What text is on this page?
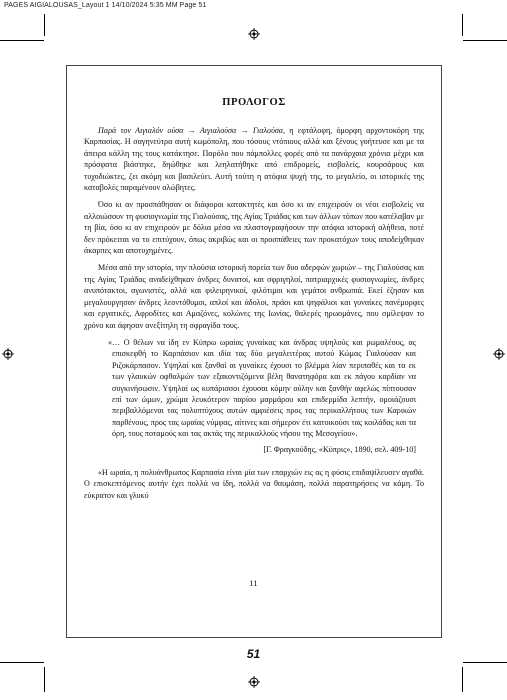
PAGES AIGIALOUSAS_Layout 1 14/10/2024 5:35 MM Page 51
ΠΡΟΛΟΓΟΣ

Παρά τον Αιγιαλόν ούσα → Αιγιαλούσα → Γιαλούσα, η εφτάλοφη, όμορφη αρχοντοκόρη της Καρπασίας. Η σαγηνεύτρα αυτή κωμόπολη, που τόσους ντόπιους αλλά και ξένους γοήτευσε και με τα άπειρα κάλλη της τους κατάκτησε. Παρόλο που πάμπολλες φορές από τα πανάρχαια χρόνια μέχρι και πρόσφατα βιάστηκε, δηώθηκε και λεηλατήθηκε από επιδρομείς, εισβολείς, κουρσάρους και τυχοδιώκτες, ζει ακόμη και βασιλεύει. Αυτή τούτη η ατόφια ψυχή της, το μεγαλείο, οι ιστορικές της καταβολές παραμένουν αλώβητες.

Όσο κι αν προσπάθησαν οι διάφοροι κατακτητές και όσο κι αν επιχειρούν οι νέοι εισβολείς να αλλοιώσουν τη φυσιογνωμία της Γιαλούσας, της Αγίας Τριάδας και των άλλων τόπων που κατέλαβαν με τη βία, όσο κι αν επιχειρούν με δόλια μέσα να πλαστογραφήσουν την ατόφια ιστορική αλήθεια, ποτέ δεν πρόκειται να το επιτύχουν, όπως ακριβώς και οι προσπάθειες των προκατόχων τους αποδείχθηκαν άκαρπες και αποτυχημένες.

Μέσα από την ιστορία, την πλούσια ιστορική πορεία των δυο αδερφών χωριών – της Γιαλούσας και της Αγίας Τριάδας αναδείχθηκαν άνδρες δυνατοί, και σφριγηλοί, πατριαρχικές φυσιογνωμίες, άνδρες ανυπότακτοι, αγωνιστές, αλλά και φιλειρηνικοί, φιλότιμοι και γεμάτοι ανθρωπιά. Εκεί έζησαν και μεγαλουργησαν άνδρες λεοντόθυμοι, απλοί και άδολοι, πράοι και ψηφάλιοι και γυναίκες πανέμορφες και εργατικές, Αφροδίτες και Αμαζόνες, κολώνες της Ιωνίας, θαλερές ηρωομάνες, που σμίλεψαν το χρόνο και άφησαν ανεξίτηλη τη σφραγίδα τους.

«… Ο θέλων να ίδη εν Κύπρω ωραίας γυναίκας και άνδρας υψηλούς και ρωμαλέους, ας επισκεφθή το Καρπάσιον και ιδία τας δύο μεγαλειτέρας αυτού Κώμας Γιαλούσαν και Ριζοκάρπασον. Υψηλαί και ξανθαί αι γυναίκες έχουσι το βλέμμα λίαν περιπαθές και τα εκ των γλαυκών οφθαλμών των εξακοντιζόμενα βέλη θανατηφόρα και εκ πάγου καρδίαν να συγκινήσωσιν. Υψηλαί ως κυπάρισσοι έχουσαι κόμην ούλην και ξανθήν αφελώς πίπτουσαν επί των ώμων, χρώμα λευκότερον παρίου μαρμάρου και επιδερμίδα λεπτήν, ομοιάζουσι περιβαλλόμεναι τας πολυπτύχους αυτών αμφιέσεις προς τας περικαλλήτους των Καρικών παρθένους, προς τας ωραίας νύμφας, αίτινες και σήμερον έτι κατοικούσι τας κοιλάδας και τα όρη, τους ποταμούς και τας ακτάς της περικαλλούς νήσου της Μεσογείου».

[Γ. Φραγκούδης, «Κύπρις», 1890, σελ. 409-10]

«Η ωραία, η πολυάνθρωπος Καρπασία είναι μία των επαρχιών εις ας η φύσις επιδαψίλευσεν αγαθά. Ο επισκεπτόμενος αυτήν έχει πολλά να ίδη, πολλά να θαυμάση, πολλά παρατηρήσεις να κάμη. Το εύκρατον και γλυκύ

11
51
